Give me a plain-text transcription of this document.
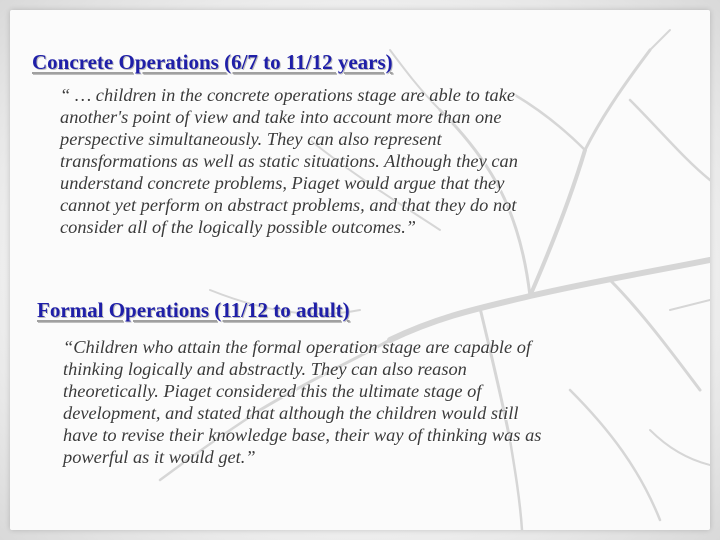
Concrete Operations (6/7 to 11/12 years)
“ … children in the concrete operations stage are able to take
another's point of view and take into account more than one
perspective simultaneously. They can also represent
transformations as well as static situations. Although they can
understand concrete problems, Piaget would argue that they
cannot yet perform on abstract problems, and that they do not
consider all of the logically possible outcomes.”
Formal Operations (11/12 to adult)
“Children who attain the formal operation stage are capable of
thinking logically and abstractly. They can also reason
theoretically. Piaget considered this the ultimate stage of
development, and stated that although the children would still
have to revise their knowledge base, their way of thinking was as
powerful as it would get.”
